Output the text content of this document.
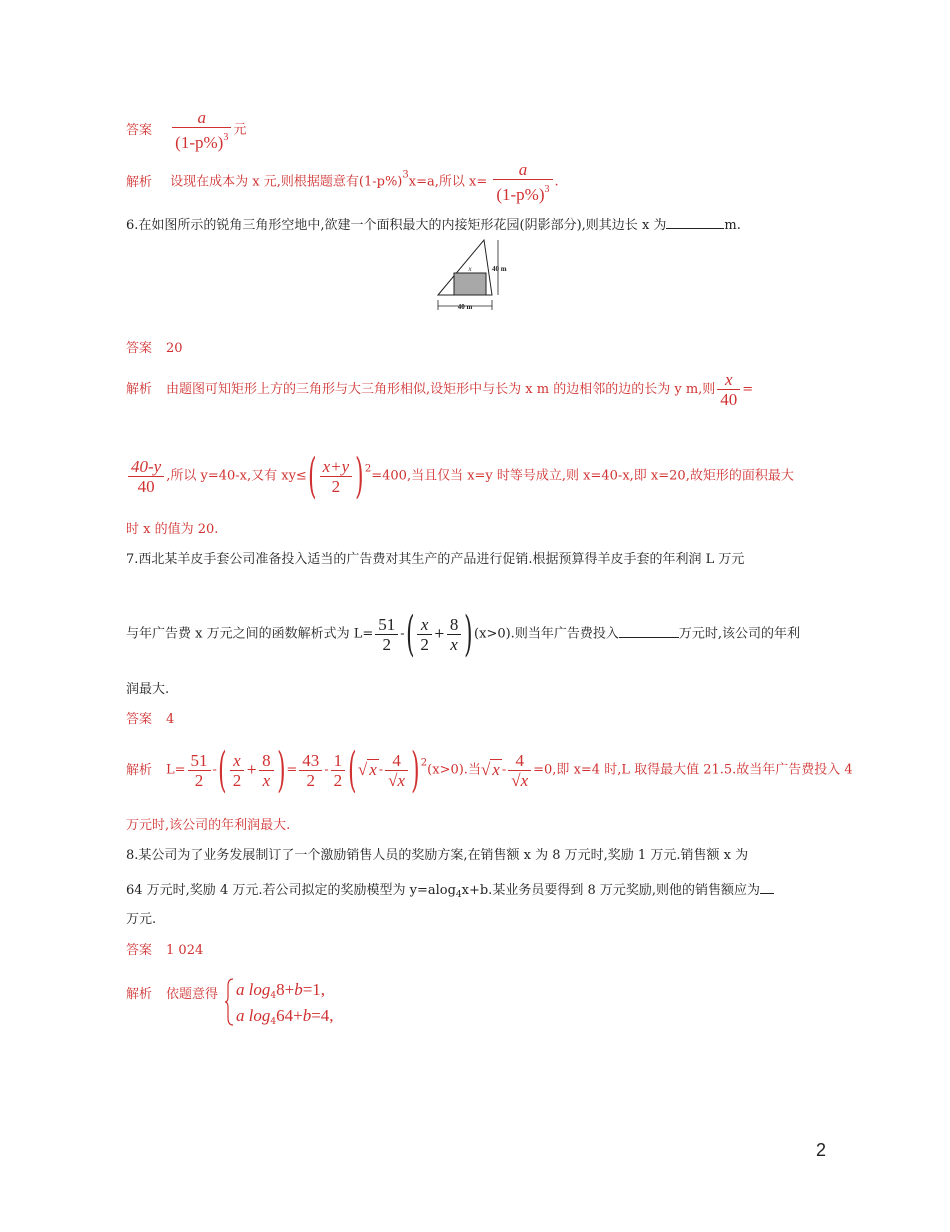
答案 $\frac{a}{(1-p\%)^3}$ 元
解析 设现在成本为 x 元,则根据题意有$(1-p\%)^3x=a$,所以 $x= \frac{a}{(1-p\%)^3}$ .
6.在如图所示的锐角三角形空地中,欲建一个面积最大的内接矩形花园(阴影部分),则其边长 x 为	m.
x	40 m
40 m
答案 20
解析 由题图可知矩形上方的三角形与大三角形相似,设矩形中与长为 x m 的边相邻的边的长为 y m,则 $\frac{x}{40}$ =
$\frac{40-y}{40}$ ,所以 y=40-x,又有 $xy\le( \frac{x+y}{2} )^2=400$,当且仅当 x=y 时等号成立,则 x=40-x,即 x=20,故矩形的面积最大
时 x 的值为 20.
7.西北某羊皮手套公司准备投入适当的广告费对其生产的产品进行促销.根据预算得羊皮手套的年利润 L 万元
与年广告费 x 万元之间的函数解析式为 $L= \frac{51}{2}$ -( $\frac{x}{2} + \frac{8}{x} )(x>0)$.则当年广告费投入	万元时,该公司的年利
润最大.
答案 4
解析 $L= \frac{51}{2}$ -( $\frac{x}{2} + \frac{8}{x}$ )= $\frac{43}{2} - \frac{1}{2}$ (√ $x - \frac{4}{√x} )^2(x>0)$.当√ $x - \frac{4}{√x} =0$,即 x=4 时,L 取得最大值 21.5.故当年广告费投入 4
万元时,该公司的年利润最大.
8.某公司为了业务发展制订了一个激励销售人员的奖励方案,在销售额 x 为 8 万元时,奖励 1 万元.销售额 x 为
64 万元时,奖励 4 万元.若公司拟定的奖励模型为 y=alog$_4$x+b.某业务员要得到 8 万元奖励,则他的销售额应为
万元.
答案 1 024
解析 依题意得 a $\log_48+b=1$,
a $\log_464+b=4$,
2
